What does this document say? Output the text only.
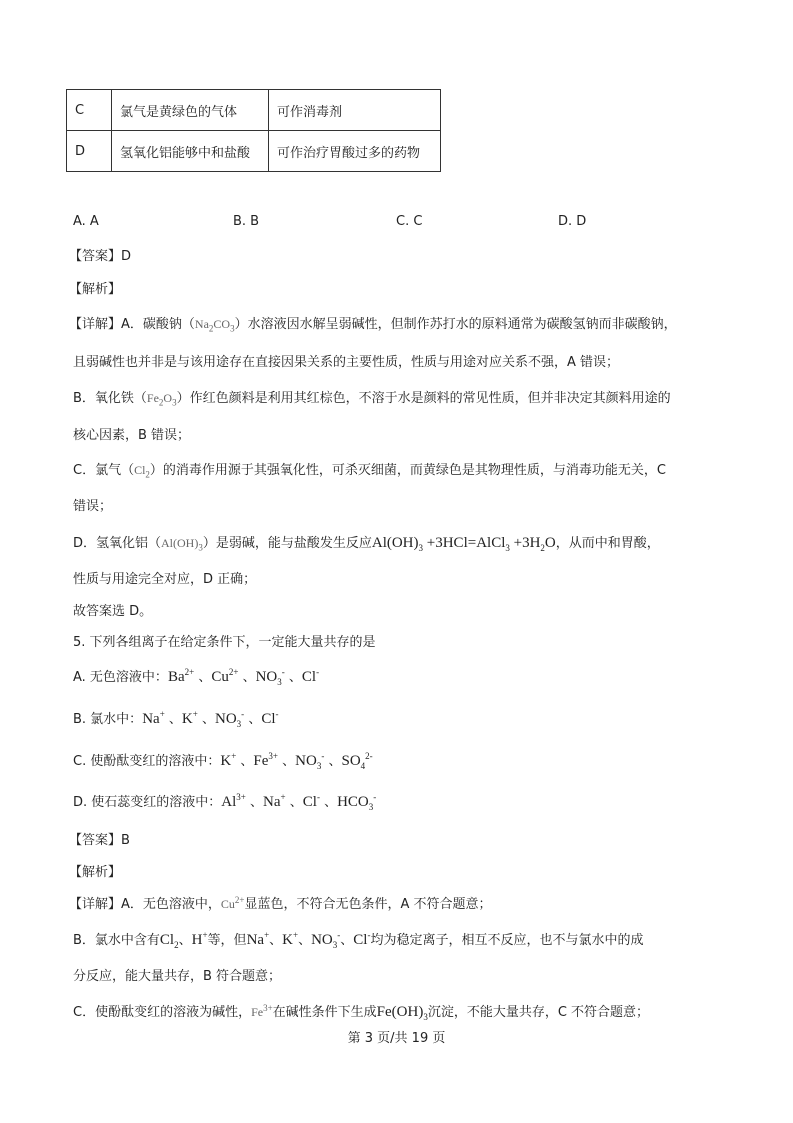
C	氯气是黄绿色的气体	可作消毒剂
D	氢氧化铝能够中和盐酸	可作治疗胃酸过多的药物
A. A	B. B	C. C	D. D
【答案】D
【解析】
【详解】A．碳酸钠$(Na_2CO_3)$水溶液因水解呈弱碱性，但制作苏打水的原料通常为碳酸氢钠而非碳酸钠，
且弱碱性也并非是与该用途存在直接因果关系的主要性质，性质与用途对应关系不强，A 错误；
B．氧化铁$(Fe_2O_3)$作红色颜料是利用其红棕色，不溶于水是颜料的常见性质，但并非决定其颜料用途的
核心因素，B 错误；
C．氯气$(Cl_2)$的消毒作用源于其强氧化性，可杀灭细菌，而黄绿色是其物理性质，与消毒功能无关，C
错误；
D．氢氧化铝$(Al(OH)_3)$是弱碱，能与盐酸发生反应$Al(OH)_3$ +3HCl=AlCl$_3$ $+3H_2O$，从而中和胃酸，
性质与用途完全对应，D 正确；
故答案选 D。
5. 下列各组离子在给定条件下，一定能大量共存的是
A. 无色溶液中：$Ba^{2+}$ 、$Cu^{2+}$ 、$NO_3^-$ 、Cl-
B. 氯水中：Na+ 、K+ 、$NO_3^-$ 、Cl-
C. 使酚酞变红的溶液中：K+ 、$Fe^{3+}$ 、$NO_3^-$ 、$SO_4^{2-}$
D. 使石蕊变红的溶液中：$Al^{3+}$ 、Na+ 、Cl- 、$HCO_3^-$
【答案】B
【解析】
【详解】A．无色溶液中，$Cu^{2+}$显蓝色，不符合无色条件，A 不符合题意；
B．氯水中含有$Cl_2$、H+等，但Na+、K+、$NO_3^-$、Cl-均为稳定离子，相互不反应，也不与氯水中的成
分反应，能大量共存，B 符合题意；
C．使酚酞变红的溶液为碱性，$Fe^{3+}$在碱性条件下生成$Fe(OH)_3$沉淀，不能大量共存，C 不符合题意；
第 3 页/共 19 页
